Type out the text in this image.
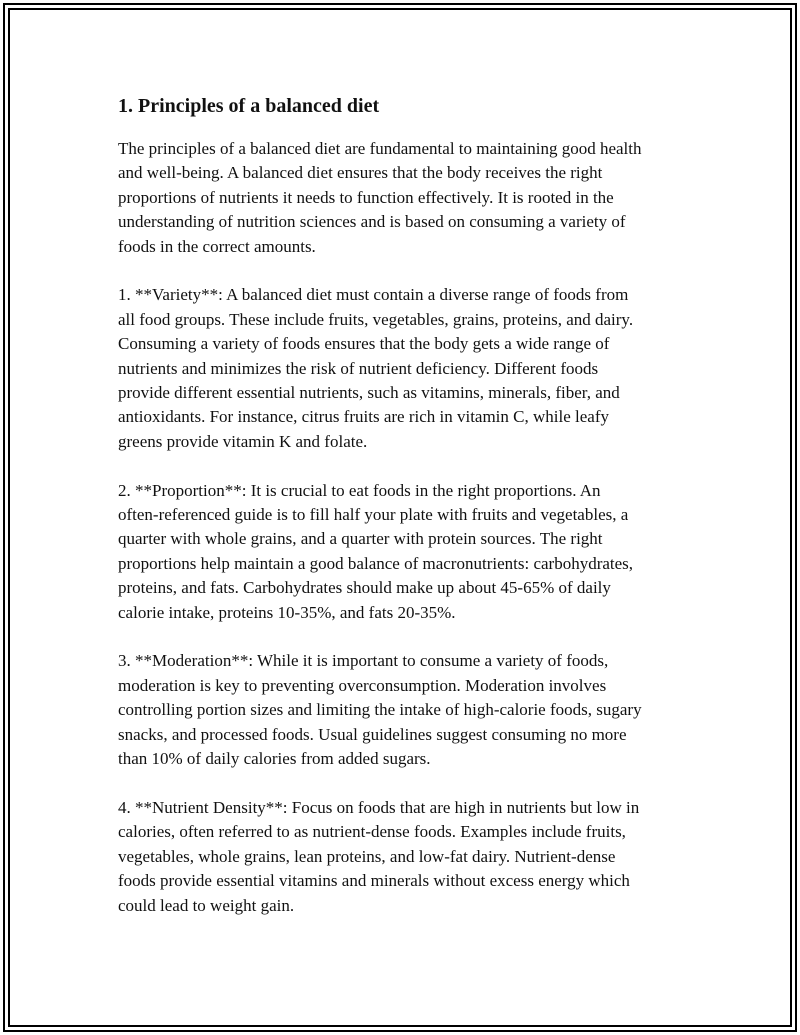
1. Principles of a balanced diet

The principles of a balanced diet are fundamental to maintaining good health
and well-being. A balanced diet ensures that the body receives the right
proportions of nutrients it needs to function effectively. It is rooted in the
understanding of nutrition sciences and is based on consuming a variety of
foods in the correct amounts.

1. **Variety**: A balanced diet must contain a diverse range of foods from
all food groups. These include fruits, vegetables, grains, proteins, and dairy.
Consuming a variety of foods ensures that the body gets a wide range of
nutrients and minimizes the risk of nutrient deficiency. Different foods
provide different essential nutrients, such as vitamins, minerals, fiber, and
antioxidants. For instance, citrus fruits are rich in vitamin C, while leafy
greens provide vitamin K and folate.

2. **Proportion**: It is crucial to eat foods in the right proportions. An
often-referenced guide is to fill half your plate with fruits and vegetables, a
quarter with whole grains, and a quarter with protein sources. The right
proportions help maintain a good balance of macronutrients: carbohydrates,
proteins, and fats. Carbohydrates should make up about 45-65% of daily
calorie intake, proteins 10-35%, and fats 20-35%.

3. **Moderation**: While it is important to consume a variety of foods,
moderation is key to preventing overconsumption. Moderation involves
controlling portion sizes and limiting the intake of high-calorie foods, sugary
snacks, and processed foods. Usual guidelines suggest consuming no more
than 10% of daily calories from added sugars.

4. **Nutrient Density**: Focus on foods that are high in nutrients but low in
calories, often referred to as nutrient-dense foods. Examples include fruits,
vegetables, whole grains, lean proteins, and low-fat dairy. Nutrient-dense
foods provide essential vitamins and minerals without excess energy which
could lead to weight gain.
